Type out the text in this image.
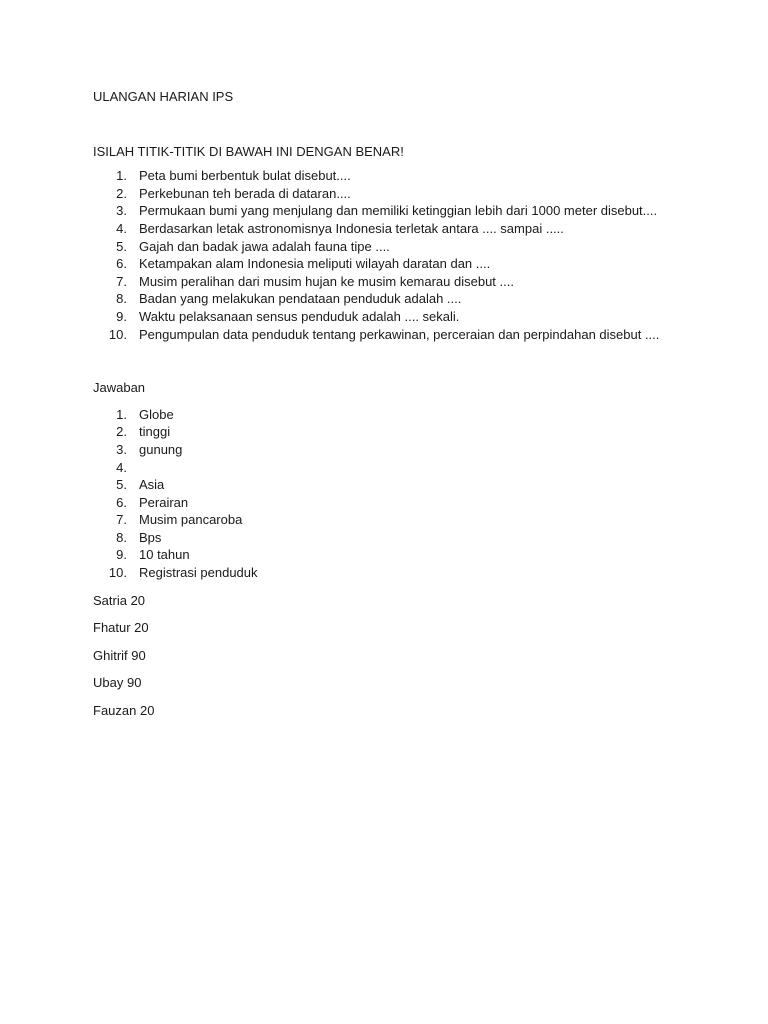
ULANGAN HARIAN IPS
ISILAH TITIK-TITIK DI BAWAH INI DENGAN BENAR!
1. Peta bumi berbentuk bulat disebut....
2. Perkebunan teh berada di dataran....
3. Permukaan bumi yang menjulang dan memiliki ketinggian lebih dari 1000 meter disebut....
4. Berdasarkan letak astronomisnya Indonesia terletak antara .... sampai .....
5. Gajah dan badak jawa adalah fauna tipe ....
6. Ketampakan alam Indonesia meliputi wilayah daratan dan ....
7. Musim peralihan dari musim hujan ke musim kemarau disebut ....
8. Badan yang melakukan pendataan penduduk adalah ....
9. Waktu pelaksanaan sensus penduduk adalah .... sekali.
10. Pengumpulan data penduduk tentang perkawinan, perceraian dan perpindahan disebut ....
Jawaban
1. Globe
2. tinggi
3. gunung
4.
5. Asia
6. Perairan
7. Musim pancaroba
8. Bps
9. 10 tahun
10. Registrasi penduduk
Satria 20
Fhatur 20
Ghitrif 90
Ubay 90
Fauzan 20
